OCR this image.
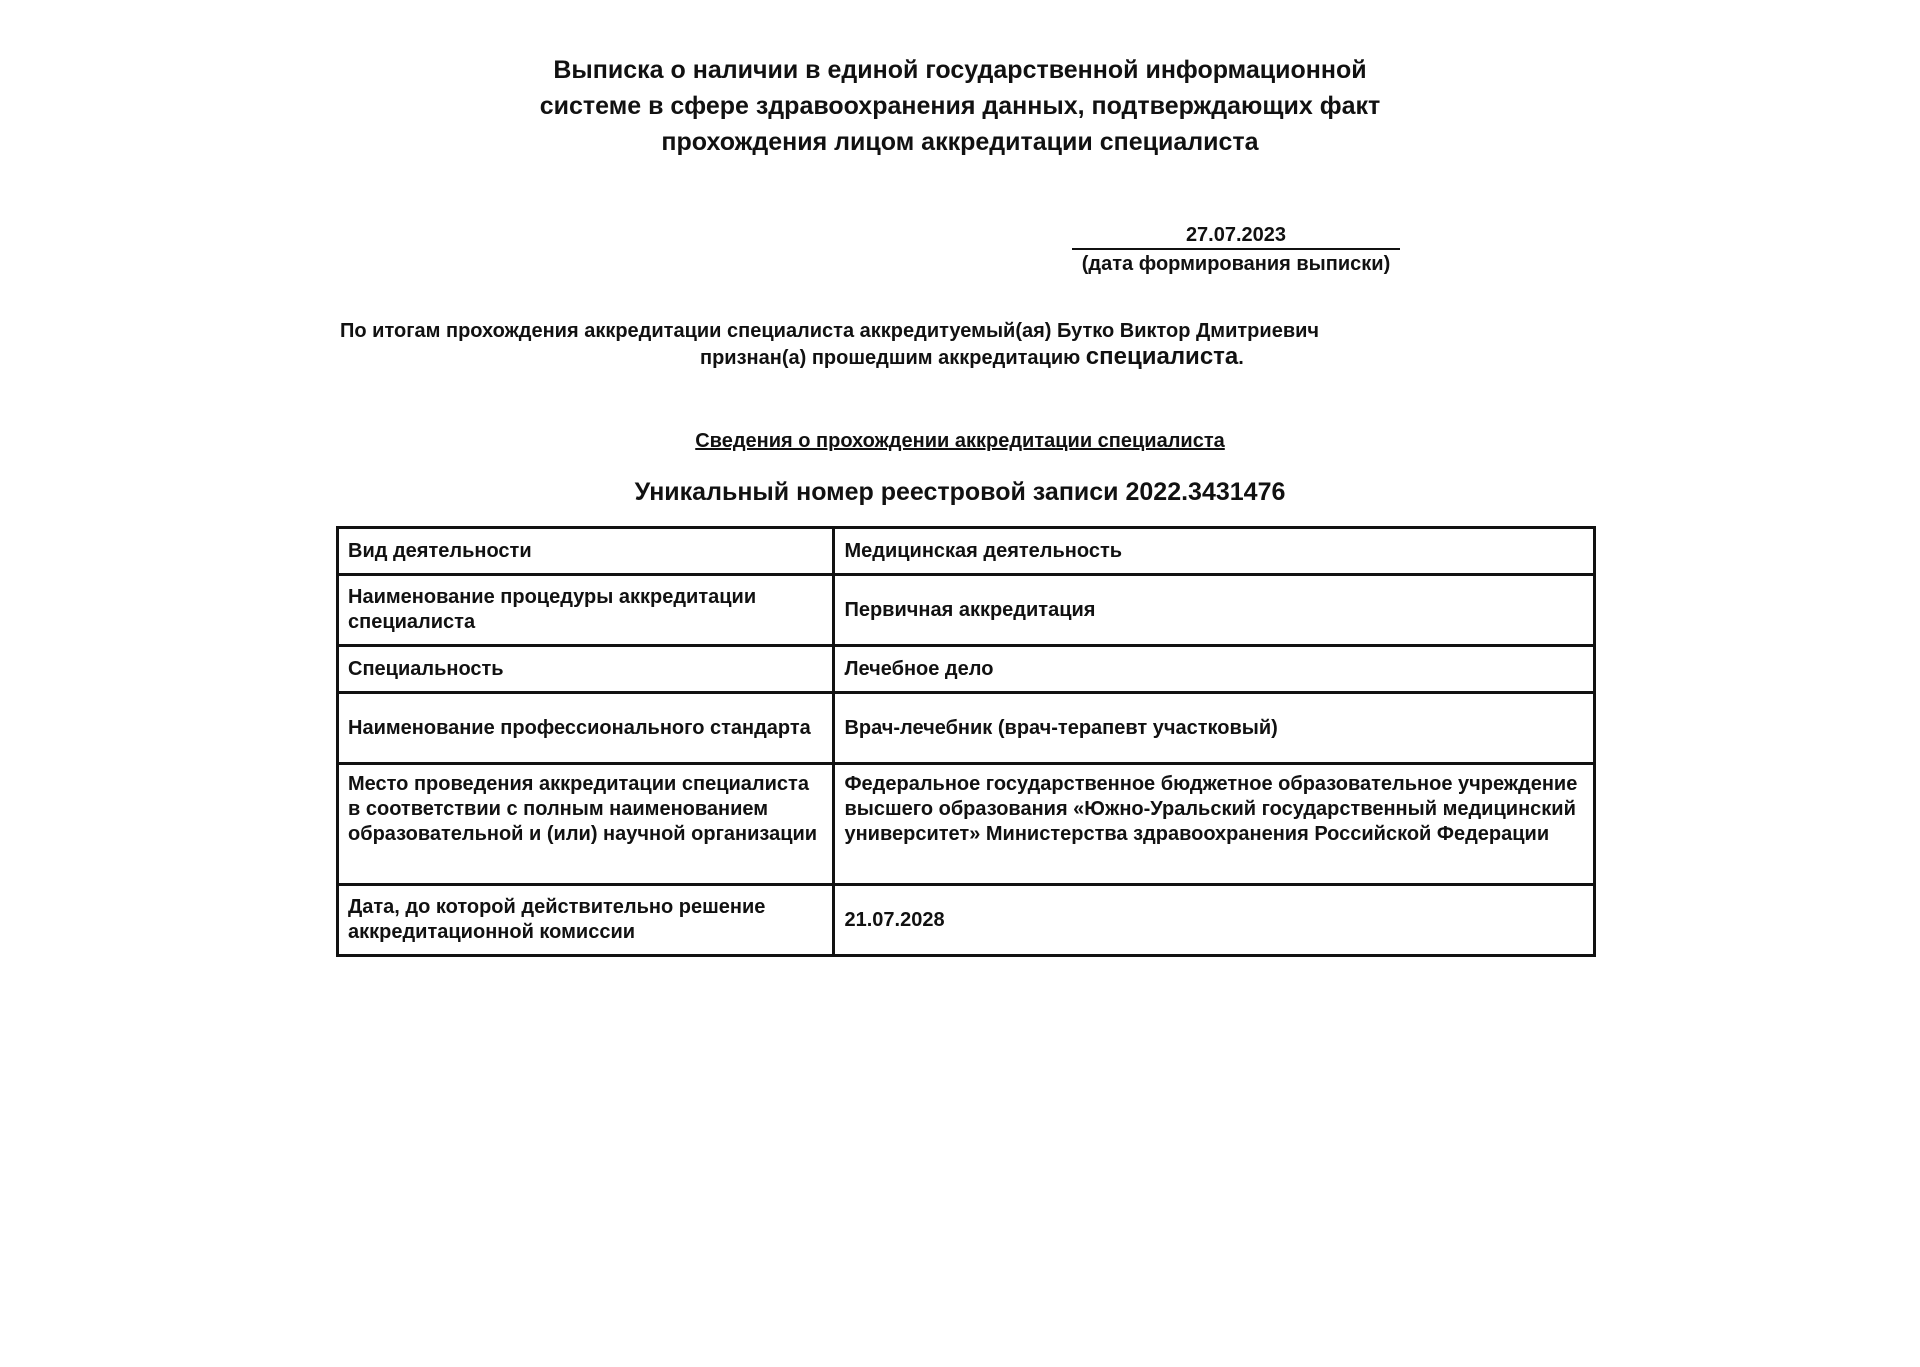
Выписка о наличии в единой государственной информационной
системе в сфере здравоохранения данных, подтверждающих факт
прохождения лицом аккредитации специалиста
27.07.2023
(дата формирования выписки)
По итогам прохождения аккредитации специалиста аккредитуемый(ая) Бутко Виктор Дмитриевич
признан(а) прошедшим аккредитацию специалиста.
Сведения о прохождении аккредитации специалиста
Уникальный номер реестровой записи 2022.3431476
Вид деятельности	Медицинская деятельность
Наименование процедуры аккредитации специалиста	Первичная аккредитация
Специальность	Лечебное дело
Наименование профессионального стандарта	Врач-лечебник (врач-терапевт участковый)
Место проведения аккредитации специалиста в соответствии с полным наименованием образовательной и (или) научной организации	Федеральное государственное бюджетное образовательное учреждение высшего образования «Южно-Уральский государственный медицинский университет» Министерства здравоохранения Российской Федерации
Дата, до которой действительно решение аккредитационной комиссии	21.07.2028
